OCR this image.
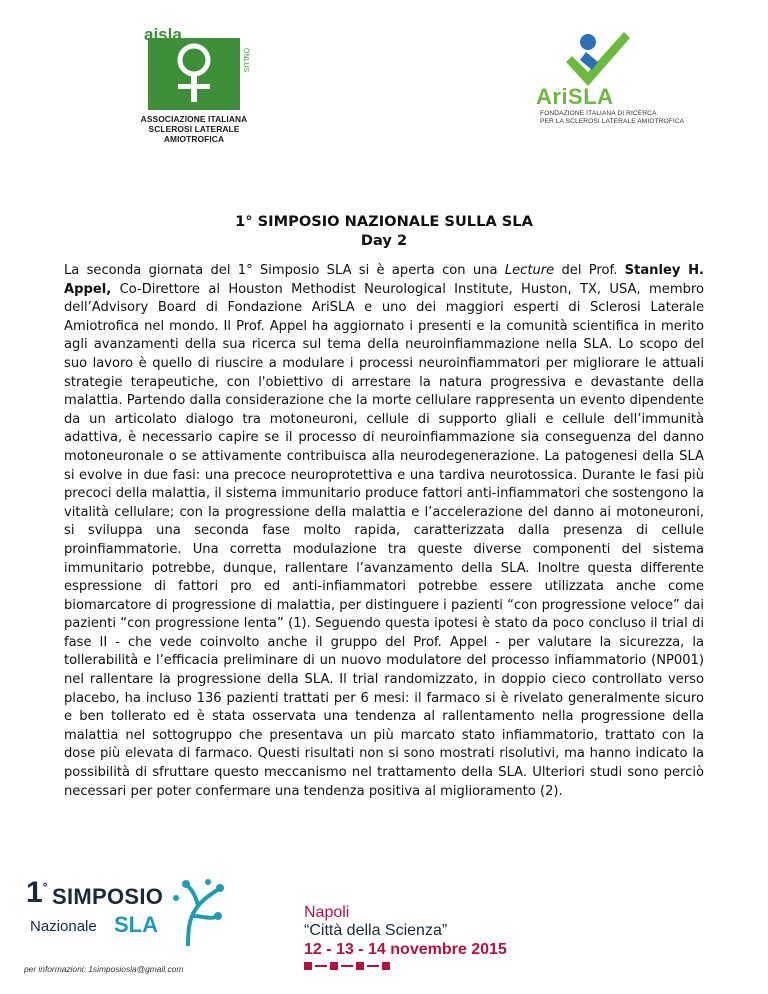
aisla
ONLUS
ASSOCIAZIONE ITALIANA
SCLEROSI LATERALE AMIOTROFICA
AriSLA
FONDAZIONE ITALIANA DI RICERCA
PER LA SCLEROSI LATERALE AMIOTROFICA
1° SIMPOSIO NAZIONALE SULLA SLA
Day 2
La seconda giornata del 1° Simposio SLA si è aperta con una Lecture del Prof. Stanley H. Appel, Co-Direttore al Houston Methodist Neurological Institute, Huston, TX, USA, membro dell’Advisory Board di Fondazione AriSLA e uno dei maggiori esperti di Sclerosi Laterale Amiotrofica nel mondo. Il Prof. Appel ha aggiornato i presenti e la comunità scientifica in merito agli avanzamenti della sua ricerca sul tema della neuroinfiammazione nella SLA. Lo scopo del suo lavoro è quello di riuscire a modulare i processi neuroinfiammatori per migliorare le attuali strategie terapeutiche, con l'obiettivo di arrestare la natura progressiva e devastante della malattia. Partendo dalla considerazione che la morte cellulare rappresenta un evento dipendente da un articolato dialogo tra motoneuroni, cellule di supporto gliali e cellule dell’immunità adattiva, è necessario capire se il processo di neuroinfiammazione sia conseguenza del danno motoneuronale o se attivamente contribuisca alla neurodegenerazione. La patogenesi della SLA si evolve in due fasi: una precoce neuroprotettiva e una tardiva neurotossica. Durante le fasi più precoci della malattia, il sistema immunitario produce fattori anti-infiammatori che sostengono la vitalità cellulare; con la progressione della malattia e l’accelerazione del danno ai motoneuroni, si sviluppa una seconda fase molto rapida, caratterizzata dalla presenza di cellule proinfiammatorie. Una corretta modulazione tra queste diverse componenti del sistema immunitario potrebbe, dunque, rallentare l’avanzamento della SLA. Inoltre questa differente espressione di fattori pro ed anti-infiammatori potrebbe essere utilizzata anche come biomarcatore di progressione di malattia, per distinguere i pazienti “con progressione veloce” dai pazienti “con progressione lenta” (1). Seguendo questa ipotesi è stato da poco concluso il trial di fase II - che vede coinvolto anche il gruppo del Prof. Appel - per valutare la sicurezza, la tollerabilità e l’efficacia preliminare di un nuovo modulatore del processo infiammatorio (NP001) nel rallentare la progressione della SLA. Il trial randomizzato, in doppio cieco controllato verso placebo, ha incluso 136 pazienti trattati per 6 mesi: il farmaco si è rivelato generalmente sicuro e ben tollerato ed è stata osservata una tendenza al rallentamento nella progressione della malattia nel sottogruppo che presentava un più marcato stato infiammatorio, trattato con la dose più elevata di farmaco. Questi risultati non si sono mostrati risolutivi, ma hanno indicato la possibilità di sfruttare questo meccanismo nel trattamento della SLA. Ulteriori studi sono perciò necessari per poter confermare una tendenza positiva al miglioramento (2).
1° SIMPOSIO
Nazionale SLA	Napoli
“Città della Scienza”
12 - 13 - 14 novembre 2015
per informazioni: 1simposiosla@gmail.com
